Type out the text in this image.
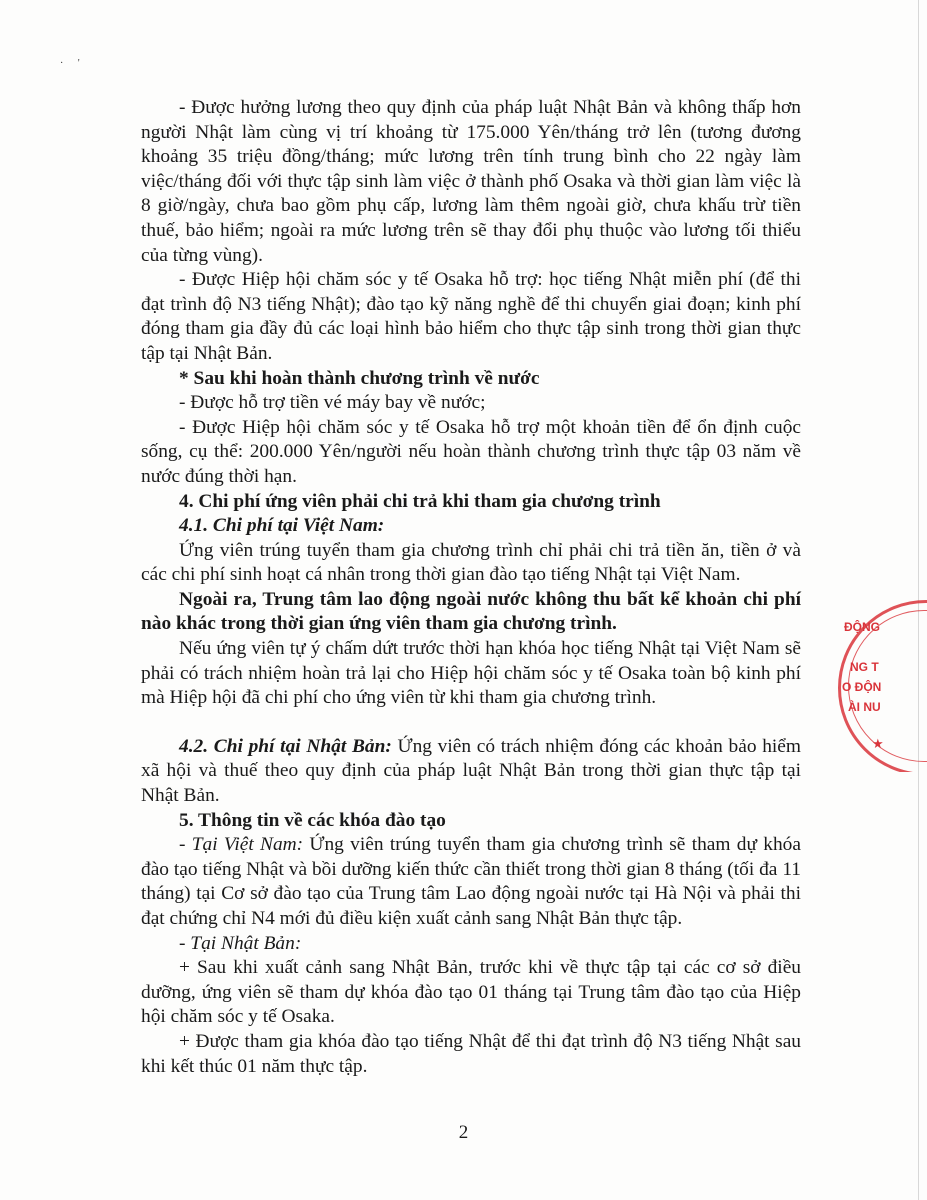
· '

- Được hưởng lương theo quy định của pháp luật Nhật Bản và không thấp hơn người Nhật làm cùng vị trí khoảng từ 175.000 Yên/tháng trở lên (tương đương khoảng 35 triệu đồng/tháng; mức lương trên tính trung bình cho 22 ngày làm việc/tháng đối với thực tập sinh làm việc ở thành phố Osaka và thời gian làm việc là 8 giờ/ngày, chưa bao gồm phụ cấp, lương làm thêm ngoài giờ, chưa khấu trừ tiền thuế, bảo hiểm; ngoài ra mức lương trên sẽ thay đổi phụ thuộc vào lương tối thiểu của từng vùng).

- Được Hiệp hội chăm sóc y tế Osaka hỗ trợ: học tiếng Nhật miễn phí (để thi đạt trình độ N3 tiếng Nhật); đào tạo kỹ năng nghề để thi chuyển giai đoạn; kinh phí đóng tham gia đầy đủ các loại hình bảo hiểm cho thực tập sinh trong thời gian thực tập tại Nhật Bản.

* Sau khi hoàn thành chương trình về nước

- Được hỗ trợ tiền vé máy bay về nước;

- Được Hiệp hội chăm sóc y tế Osaka hỗ trợ một khoản tiền để ổn định cuộc sống, cụ thể: 200.000 Yên/người nếu hoàn thành chương trình thực tập 03 năm về nước đúng thời hạn.

4. Chi phí ứng viên phải chi trả khi tham gia chương trình

4.1. Chi phí tại Việt Nam:

Ứng viên trúng tuyển tham gia chương trình chỉ phải chi trả tiền ăn, tiền ở và các chi phí sinh hoạt cá nhân trong thời gian đào tạo tiếng Nhật tại Việt Nam.

Ngoài ra, Trung tâm lao động ngoài nước không thu bất kể khoản chi phí nào khác trong thời gian ứng viên tham gia chương trình.

Nếu ứng viên tự ý chấm dứt trước thời hạn khóa học tiếng Nhật tại Việt Nam sẽ phải có trách nhiệm hoàn trả lại cho Hiệp hội chăm sóc y tế Osaka toàn bộ kinh phí mà Hiệp hội đã chi phí cho ứng viên từ khi tham gia chương trình.

4.2. Chi phí tại Nhật Bản: Ứng viên có trách nhiệm đóng các khoản bảo hiểm xã hội và thuế theo quy định của pháp luật Nhật Bản trong thời gian thực tập tại Nhật Bản.

5. Thông tin về các khóa đào tạo

- Tại Việt Nam: Ứng viên trúng tuyển tham gia chương trình sẽ tham dự khóa đào tạo tiếng Nhật và bồi dưỡng kiến thức cần thiết trong thời gian 8 tháng (tối đa 11 tháng) tại Cơ sở đào tạo của Trung tâm Lao động ngoài nước tại Hà Nội và phải thi đạt chứng chỉ N4 mới đủ điều kiện xuất cảnh sang Nhật Bản thực tập.

- Tại Nhật Bản:

+ Sau khi xuất cảnh sang Nhật Bản, trước khi về thực tập tại các cơ sở điều dưỡng, ứng viên sẽ tham dự khóa đào tạo 01 tháng tại Trung tâm đào tạo của Hiệp hội chăm sóc y tế Osaka.

+ Được tham gia khóa đào tạo tiếng Nhật để thi đạt trình độ N3 tiếng Nhật sau khi kết thúc 01 năm thực tập.

2
ĐỘNG
NG T
O ĐỘN
ÀI NU
★
